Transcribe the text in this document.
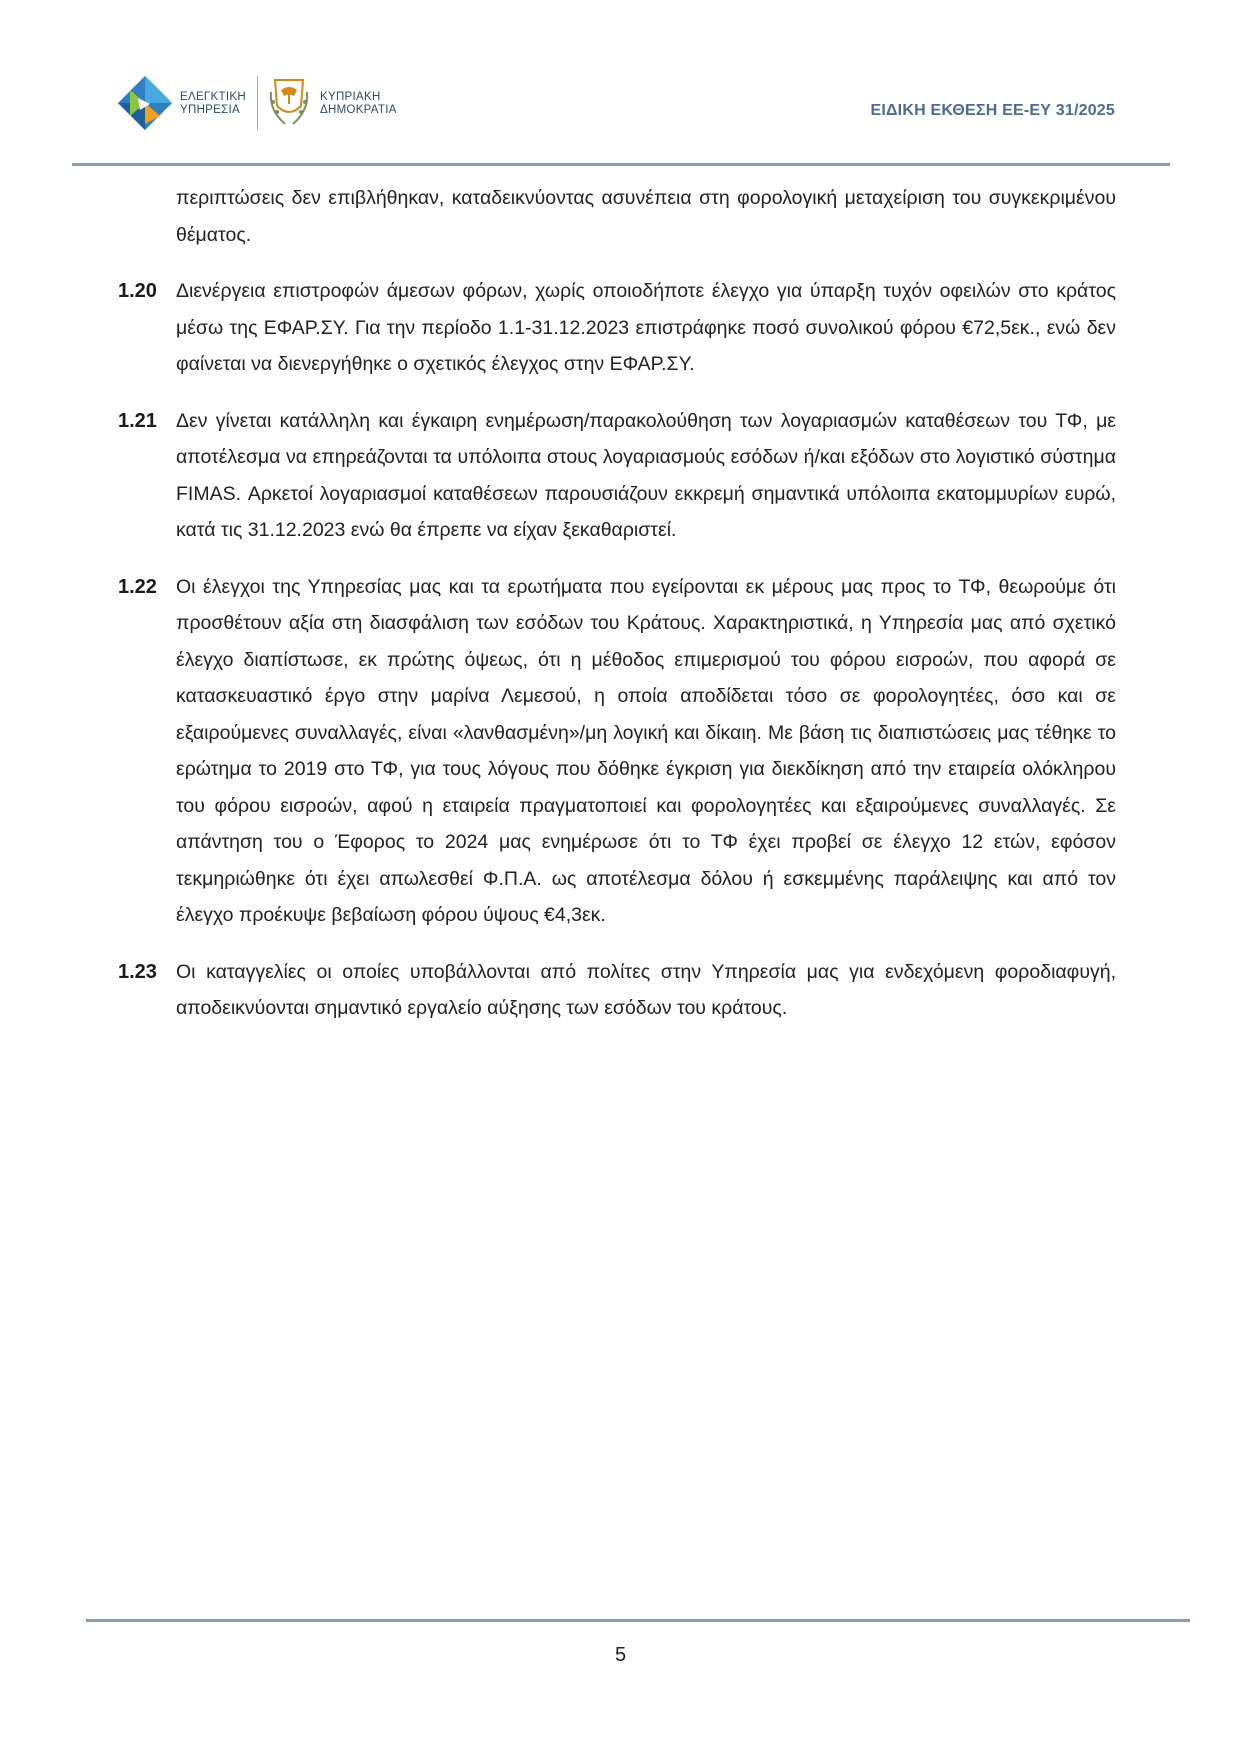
ΕΛΕΓΚΤΙΚΗ
ΥΠΗΡΕΣΙΑ
ΚΥΠΡΙΑΚΗ
ΔΗΜΟΚΡΑΤΙΑ	ΕΙΔΙΚΗ ΕΚΘΕΣΗ ΕΕ-ΕΥ 31/2025
περιπτώσεις δεν επιβλήθηκαν, καταδεικνύοντας ασυνέπεια στη φορολογική μεταχείριση του συγκεκριμένου θέματος.
1.20 Διενέργεια επιστροφών άμεσων φόρων, χωρίς οποιοδήποτε έλεγχο για ύπαρξη τυχόν οφειλών στο κράτος μέσω της ΕΦΑΡ.ΣΥ. Για την περίοδο 1.1-31.12.2023 επιστράφηκε ποσό συνολικού φόρου €72,5εκ., ενώ δεν φαίνεται να διενεργήθηκε ο σχετικός έλεγχος στην ΕΦΑΡ.ΣΥ.
1.21 Δεν γίνεται κατάλληλη και έγκαιρη ενημέρωση/παρακολούθηση των λογαριασμών καταθέσεων του ΤΦ, με αποτέλεσμα να επηρεάζονται τα υπόλοιπα στους λογαριασμούς εσόδων ή/και εξόδων στο λογιστικό σύστημα FIMAS. Αρκετοί λογαριασμοί καταθέσεων παρουσιάζουν εκκρεμή σημαντικά υπόλοιπα εκατομμυρίων ευρώ, κατά τις 31.12.2023 ενώ θα έπρεπε να είχαν ξεκαθαριστεί.
1.22 Οι έλεγχοι της Υπηρεσίας μας και τα ερωτήματα που εγείρονται εκ μέρους μας προς το ΤΦ, θεωρούμε ότι προσθέτουν αξία στη διασφάλιση των εσόδων του Κράτους. Χαρακτηριστικά, η Υπηρεσία μας από σχετικό έλεγχο διαπίστωσε, εκ πρώτης όψεως, ότι η μέθοδος επιμερισμού του φόρου εισροών, που αφορά σε κατασκευαστικό έργο στην μαρίνα Λεμεσού, η οποία αποδίδεται τόσο σε φορολογητέες, όσο και σε εξαιρούμενες συναλλαγές, είναι «λανθασμένη»/μη λογική και δίκαιη. Με βάση τις διαπιστώσεις μας τέθηκε το ερώτημα το 2019 στο ΤΦ, για τους λόγους που δόθηκε έγκριση για διεκδίκηση από την εταιρεία ολόκληρου του φόρου εισροών, αφού η εταιρεία πραγματοποιεί και φορολογητέες και εξαιρούμενες συναλλαγές. Σε απάντηση του ο Έφορος το 2024 μας ενημέρωσε ότι το ΤΦ έχει προβεί σε έλεγχο 12 ετών, εφόσον τεκμηριώθηκε ότι έχει απωλεσθεί Φ.Π.Α. ως αποτέλεσμα δόλου ή εσκεμμένης παράλειψης και από τον έλεγχο προέκυψε βεβαίωση φόρου ύψους €4,3εκ.
1.23 Οι καταγγελίες οι οποίες υποβάλλονται από πολίτες στην Υπηρεσία μας για ενδεχόμενη φοροδιαφυγή, αποδεικνύονται σημαντικό εργαλείο αύξησης των εσόδων του κράτους.
5
